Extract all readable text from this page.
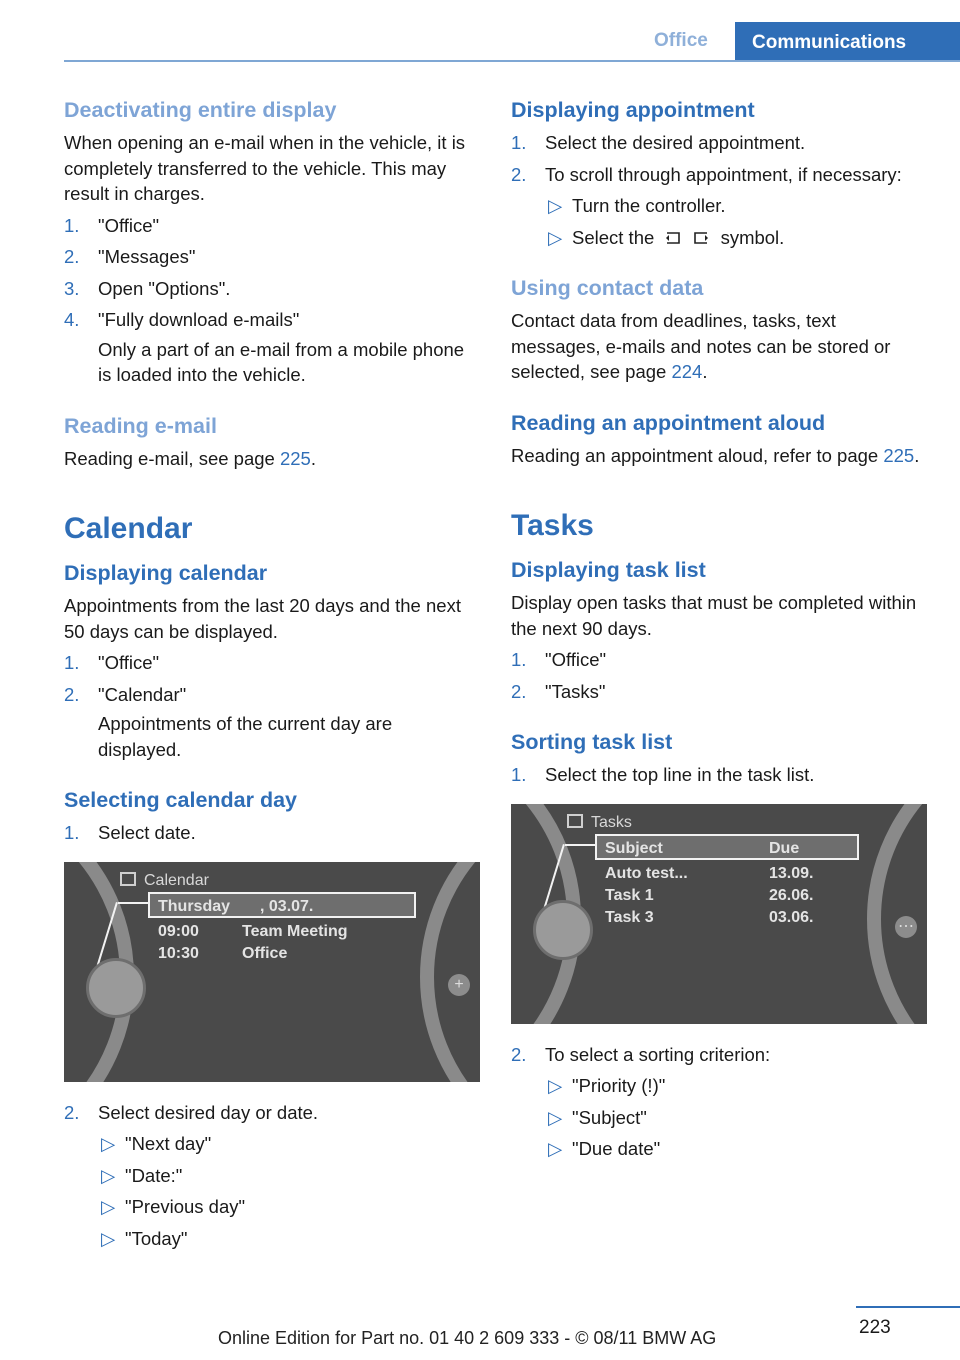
Office	Communications
Deactivating entire display

When opening an e-mail when in the vehicle, it is completely transferred to the vehicle. This may result in charges.

1. "Office"
2. "Messages"
3. Open "Options".
4. "Fully download e-mails"
Only a part of an e-mail from a mobile phone is loaded into the vehicle.
Reading e-mail

Reading e-mail, see page 225.

Calendar
Displaying calendar

Appointments from the last 20 days and the next 50 days can be displayed.

1. "Office"
2. "Calendar"
Appointments of the current day are displayed.
Selecting calendar day
1. Select date.
Calendar
Thursday , 03.07.
09:00	Team Meeting
10:30	Office
+
2. Select desired day or date.
▷ "Next day"
▷ "Date:"
▷ "Previous day"
▷ "Today"
Displaying appointment
1. Select the desired appointment.
2. To scroll through appointment, if necessary:
▷ Turn the controller.
▷ Select the	symbol.
Using contact data

Contact data from deadlines, tasks, text messages, e-mails and notes can be stored or selected, see page 224.

Reading an appointment aloud

Reading an appointment aloud, refer to page 225.

Tasks
Displaying task list

Display open tasks that must be completed within the next 90 days.

1. "Office"
2. "Tasks"
Sorting task list
1. Select the top line in the task list.
Tasks
Subject	Due
Auto test...	13.09.
Task 1	26.06.
Task 3	03.06.
⋯
2. To select a sorting criterion:
▷ "Priority (!)"
▷ "Subject"
▷ "Due date"
223
Online Edition for Part no. 01 40 2 609 333 - © 08/11 BMW AG
